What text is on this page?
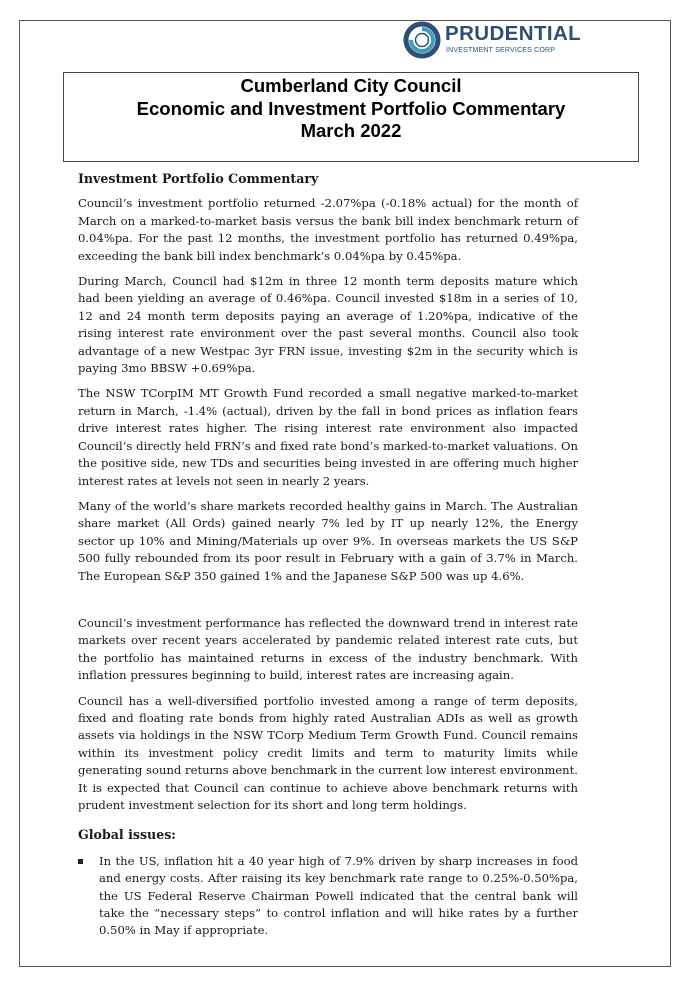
PRUDENTIAL
INVESTMENT SERVICES CORP
Cumberland City Council
Economic and Investment Portfolio Commentary
March 2022
Investment Portfolio Commentary

Council’s investment portfolio returned -2.07%pa (-0.18% actual) for the month of March on a marked-to-market basis versus the bank bill index benchmark return of 0.04%pa. For the past 12 months, the investment portfolio has returned 0.49%pa, exceeding the bank bill index benchmark’s 0.04%pa by 0.45%pa.

During March, Council had $12m in three 12 month term deposits mature which had been yielding an average of 0.46%pa. Council invested $18m in a series of 10, 12 and 24 month term deposits paying an average of 1.20%pa, indicative of the rising interest rate environment over the past several months. Council also took advantage of a new Westpac 3yr FRN issue, investing $2m in the security which is paying 3mo BBSW +0.69%pa.

The NSW TCorpIM MT Growth Fund recorded a small negative marked-to-market return in March, -1.4% (actual), driven by the fall in bond prices as inflation fears drive interest rates higher. The rising interest rate environment also impacted Council’s directly held FRN’s and fixed rate bond’s marked-to-market valuations. On the positive side, new TDs and securities being invested in are offering much higher interest rates at levels not seen in nearly 2 years.

Many of the world’s share markets recorded healthy gains in March. The Australian share market (All Ords) gained nearly 7% led by IT up nearly 12%, the Energy sector up 10% and Mining/Materials up over 9%. In overseas markets the US S&P 500 fully rebounded from its poor result in February with a gain of 3.7% in March. The European S&P 350 gained 1% and the Japanese S&P 500 was up 4.6%.

Council’s investment performance has reflected the downward trend in interest rate markets over recent years accelerated by pandemic related interest rate cuts, but the portfolio has maintained returns in excess of the industry benchmark. With inflation pressures beginning to build, interest rates are increasing again.

Council has a well-diversified portfolio invested among a range of term deposits, fixed and floating rate bonds from highly rated Australian ADIs as well as growth assets via holdings in the NSW TCorp Medium Term Growth Fund. Council remains within its investment policy credit limits and term to maturity limits while generating sound returns above benchmark in the current low interest environment. It is expected that Council can continue to achieve above benchmark returns with prudent investment selection for its short and long term holdings.

Global issues:
In the US, inflation hit a 40 year high of 7.9% driven by sharp increases in food and energy costs. After raising its key benchmark rate range to 0.25%-0.50%pa, the US Federal Reserve Chairman Powell indicated that the central bank will take the “necessary steps” to control inflation and will hike rates by a further 0.50% in May if appropriate.
